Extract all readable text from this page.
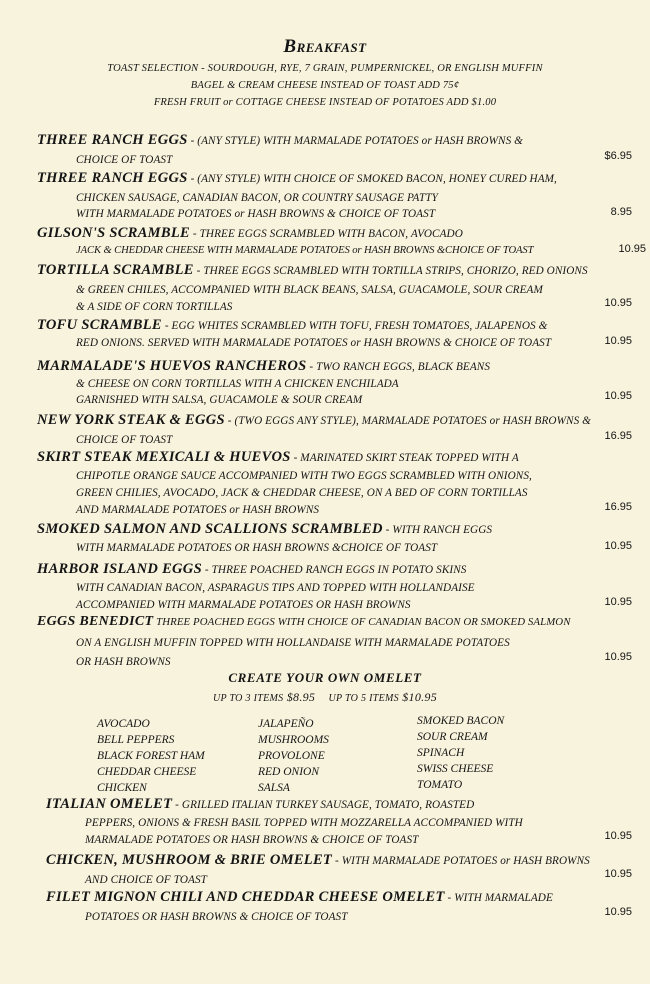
Breakfast
TOAST SELECTION - SOURDOUGH, RYE, 7 GRAIN, PUMPERNICKEL, OR ENGLISH MUFFIN
BAGEL & CREAM CHEESE INSTEAD OF TOAST ADD 75¢
FRESH FRUIT or COTTAGE CHEESE INSTEAD OF POTATOES ADD $1.00
THREE RANCH EGGS - (ANY STYLE) WITH MARMALADE POTATOES or HASH BROWNS &
CHOICE OF TOAST	$6.95
THREE RANCH EGGS - (ANY STYLE) WITH CHOICE OF SMOKED BACON, HONEY CURED HAM,
CHICKEN SAUSAGE, CANADIAN BACON, OR COUNTRY SAUSAGE PATTY
WITH MARMALADE POTATOES or HASH BROWNS & CHOICE OF TOAST	8.95
GILSON'S SCRAMBLE - THREE EGGS SCRAMBLED WITH BACON, AVOCADO
JACK & CHEDDAR CHEESE WITH MARMALADE POTATOES or HASH BROWNS &CHOICE OF TOAST	10.95
TORTILLA SCRAMBLE - THREE EGGS SCRAMBLED WITH TORTILLA STRIPS, CHORIZO, RED ONIONS
& GREEN CHILES, ACCOMPANIED WITH BLACK BEANS, SALSA, GUACAMOLE, SOUR CREAM
& A SIDE OF CORN TORTILLAS	10.95
TOFU SCRAMBLE - EGG WHITES SCRAMBLED WITH TOFU, FRESH TOMATOES, JALAPENOS &
RED ONIONS. SERVED WITH MARMALADE POTATOES or HASH BROWNS & CHOICE OF TOAST	10.95
MARMALADE'S HUEVOS RANCHEROS - TWO RANCH EGGS, BLACK BEANS
& CHEESE ON CORN TORTILLAS WITH A CHICKEN ENCHILADA
GARNISHED WITH SALSA, GUACAMOLE & SOUR CREAM	10.95
NEW YORK STEAK & EGGS - (TWO EGGS ANY STYLE), MARMALADE POTATOES or HASH BROWNS &
CHOICE OF TOAST	16.95
SKIRT STEAK MEXICALI & HUEVOS - MARINATED SKIRT STEAK TOPPED WITH A
CHIPOTLE ORANGE SAUCE ACCOMPANIED WITH TWO EGGS SCRAMBLED WITH ONIONS,
GREEN CHILIES, AVOCADO, JACK & CHEDDAR CHEESE, ON A BED OF CORN TORTILLAS
AND MARMALADE POTATOES or HASH BROWNS	16.95
SMOKED SALMON AND SCALLIONS SCRAMBLED - WITH RANCH EGGS
WITH MARMALADE POTATOES OR HASH BROWNS &CHOICE OF TOAST	10.95
HARBOR ISLAND EGGS - THREE POACHED RANCH EGGS IN POTATO SKINS
WITH CANADIAN BACON, ASPARAGUS TIPS AND TOPPED WITH HOLLANDAISE
ACCOMPANIED WITH MARMALADE POTATOES OR HASH BROWNS	10.95
EGGS BENEDICT THREE POACHED EGGS WITH CHOICE OF CANADIAN BACON OR SMOKED SALMON
ON A ENGLISH MUFFIN TOPPED WITH HOLLANDAISE WITH MARMALADE POTATOES
OR HASH BROWNS	10.95
CREATE YOUR OWN OMELET
UP TO 3 ITEMS $8.95 UP TO 5 ITEMS $10.95
AVOCADO
BELL PEPPERS
BLACK FOREST HAM
CHEDDAR CHEESE
CHICKEN
JALAPEÑO
MUSHROOMS
PROVOLONE
RED ONION
SALSA
SMOKED BACON
SOUR CREAM
SPINACH
SWISS CHEESE
TOMATO
ITALIAN OMELET - GRILLED ITALIAN TURKEY SAUSAGE, TOMATO, ROASTED
PEPPERS, ONIONS & FRESH BASIL TOPPED WITH MOZZARELLA ACCOMPANIED WITH
MARMALADE POTATOES OR HASH BROWNS & CHOICE OF TOAST	10.95
CHICKEN, MUSHROOM & BRIE OMELET - WITH MARMALADE POTATOES or HASH BROWNS
AND CHOICE OF TOAST	10.95
FILET MIGNON CHILI AND CHEDDAR CHEESE OMELET - WITH MARMALADE
POTATOES OR HASH BROWNS & CHOICE OF TOAST	10.95
